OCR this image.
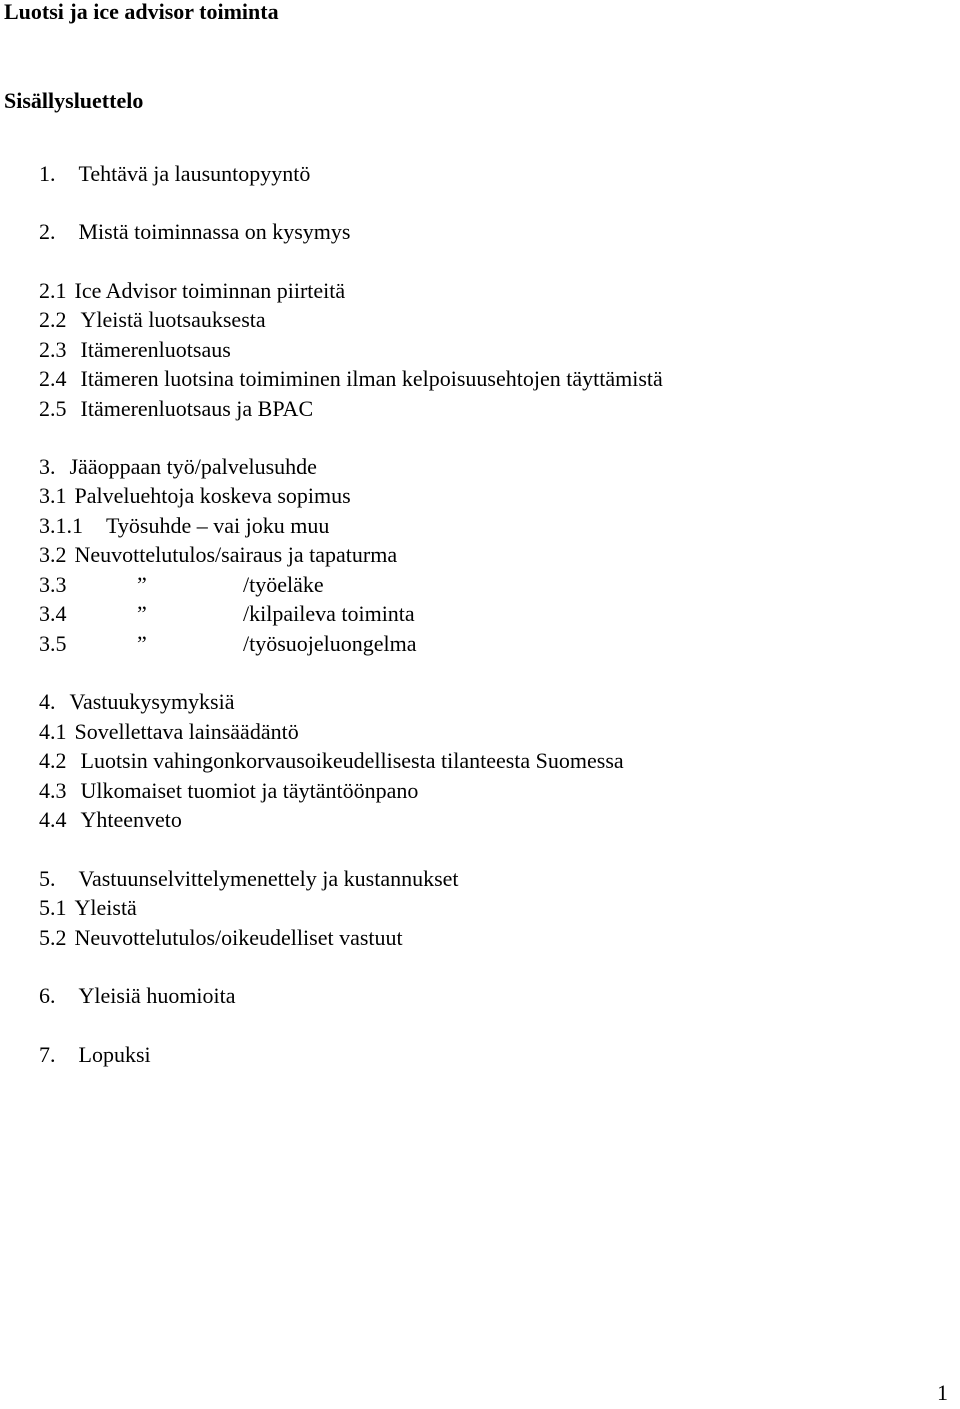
Luotsi ja ice advisor toiminta
Sisällysluettelo
1. Tehtävä ja lausuntopyyntö
2. Mistä toiminnassa on kysymys
2.1 Ice Advisor toiminnan piirteitä
2.2 Yleistä luotsauksesta
2.3 Itämerenluotsaus
2.4 Itämeren luotsina toimiminen ilman kelpoisuusehtojen täyttämistä
2.5 Itämerenluotsaus ja BPAC
3. Jääoppaan työ/palvelusuhde
3.1 Palveluehtoja koskeva sopimus
3.1.1 Työsuhde – vai joku muu
3.2 Neuvottelutulos/sairaus ja tapaturma
3.3	”	/työeläke
3.4	”	/kilpaileva toiminta
3.5	”	/työsuojeluongelma
4. Vastuukysymyksiä
4.1 Sovellettava lainsäädäntö
4.2 Luotsin vahingonkorvausoikeudellisesta tilanteesta Suomessa
4.3 Ulkomaiset tuomiot ja täytäntöönpano
4.4 Yhteenveto
5. Vastuunselvittelymenettely ja kustannukset
5.1 Yleistä
5.2 Neuvottelutulos/oikeudelliset vastuut
6. Yleisiä huomioita
7. Lopuksi
1
